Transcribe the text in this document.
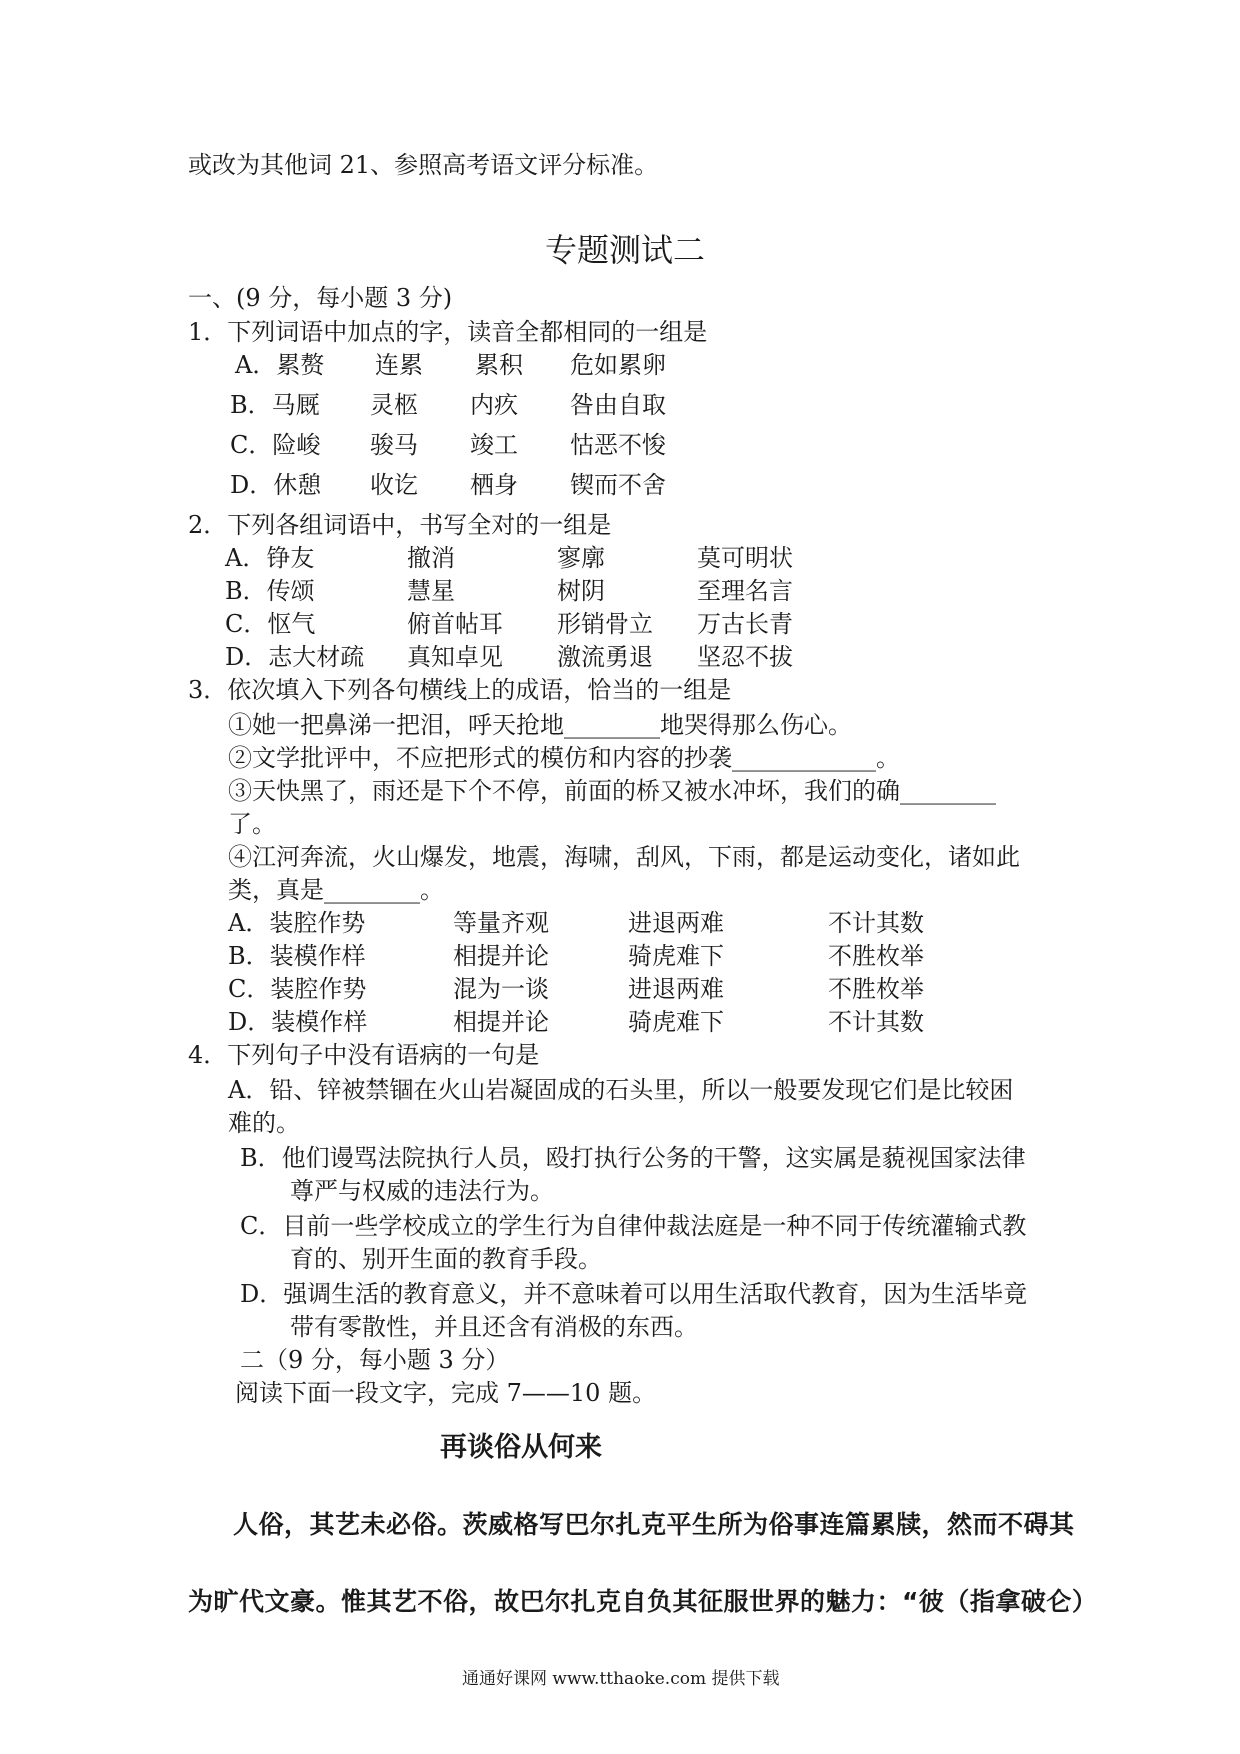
或改为其他词 21、参照高考语文评分标准。
专题测试二
一、(9 分，每小题 3 分)
1．下列词语中加点的字，读音全都相同的一组是
A．累赘 连累 累积 危如累卵
B．马厩 灵柩 内疚 咎由自取
C．险峻 骏马 竣工 怙恶不悛
D．休憩 收讫 栖身 锲而不舍
2．下列各组词语中，书写全对的一组是
A．铮友	撤消	寥廓	莫可明状
B．传颂	慧星	树阴	至理名言
C．怄气	俯首帖耳 形销骨立 万古长青
D．志大材疏 真知卓见 激流勇退 坚忍不拔
3．依次填入下列各句横线上的成语，恰当的一组是
①她一把鼻涕一把泪，呼天抢地________地哭得那么伤心。
②文学批评中，不应把形式的模仿和内容的抄袭____________。
③天快黑了，雨还是下个不停，前面的桥又被水冲坏，我们的确________
了。
④江河奔流，火山爆发，地震，海啸，刮风，下雨，都是运动变化，诸如此
类，真是________。
A．装腔作势	等量齐观	进退两难	不计其数
B．装模作样	相提并论	骑虎难下	不胜枚举
C．装腔作势	混为一谈	进退两难	不胜枚举
D．装模作样	相提并论	骑虎难下	不计其数
4．下列句子中没有语病的一句是
A．铅、锌被禁锢在火山岩凝固成的石头里，所以一般要发现它们是比较困
难的。
B．他们谩骂法院执行人员，殴打执行公务的干警，这实属是藐视国家法律
尊严与权威的违法行为。
C．目前一些学校成立的学生行为自律仲裁法庭是一种不同于传统灌输式教
育的、别开生面的教育手段。
D．强调生活的教育意义，并不意味着可以用生活取代教育，因为生活毕竟
带有零散性，并且还含有消极的东西。
二（9 分，每小题 3 分）
阅读下面一段文字，完成 7——10 题。
再谈俗从何来
人俗，其艺未必俗。茨威格写巴尔扎克平生所为俗事连篇累牍，然而不碍其
为旷代文豪。惟其艺不俗，故巴尔扎克自负其征服世界的魅力：“彼（指拿破仑）
通通好课网 www.tthaoke.com 提供下载
